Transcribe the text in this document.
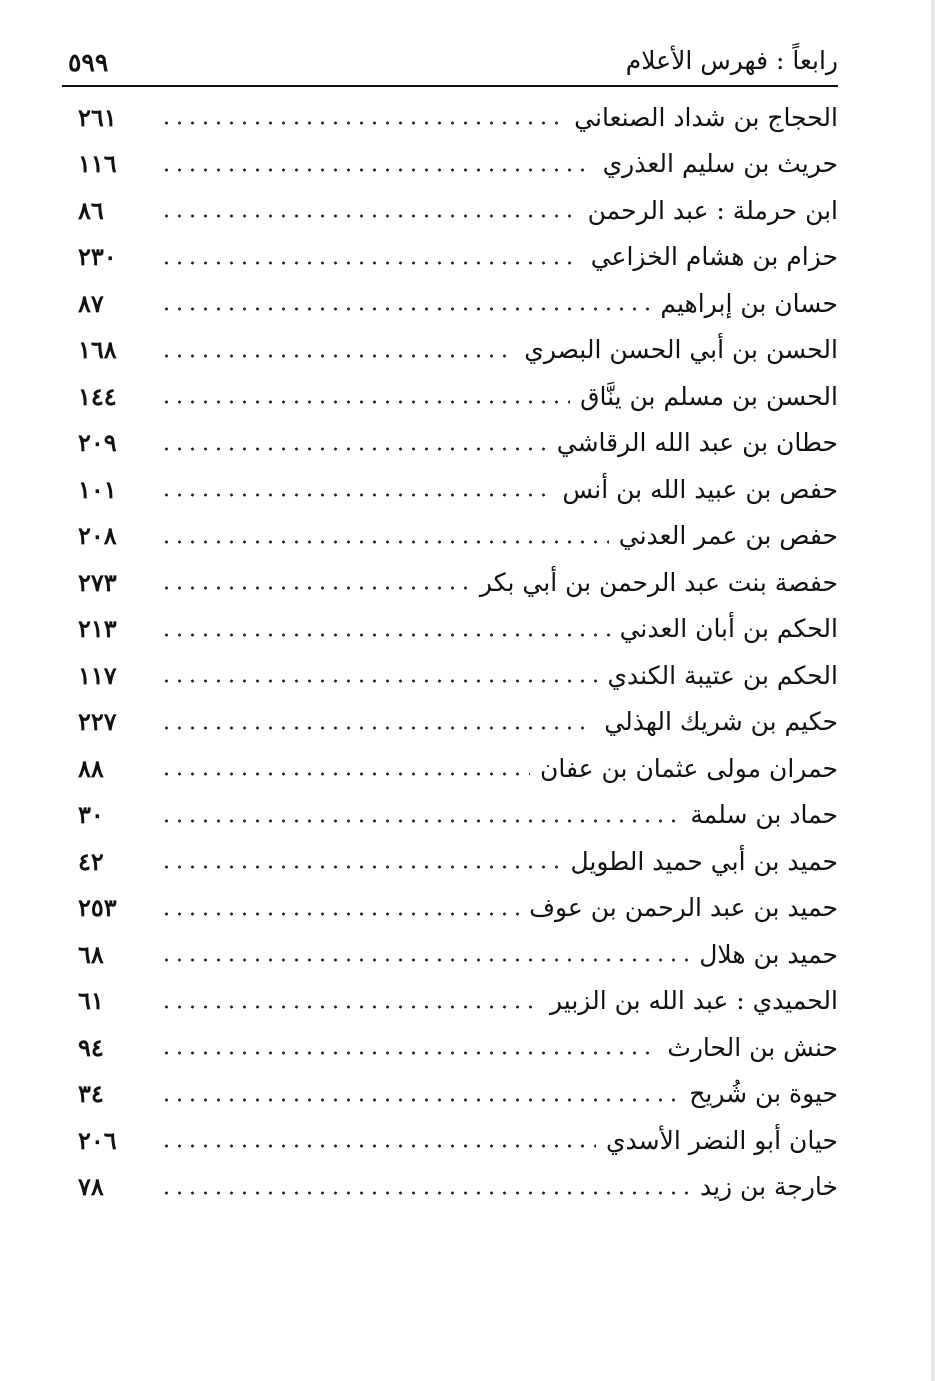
٥٩٩	رابعاً : فهرس الأعلام
الحجاج بن شداد الصنعاني
٢٦١
حريث بن سليم العذري
١١٦
ابن حرملة : عبد الرحمن
٨٦
حزام بن هشام الخزاعي
٢٣٠
حسان بن إبراهيم
٨٧
الحسن بن أبي الحسن البصري
١٦٨
الحسن بن مسلم بن ينَّاق
١٤٤
حطان بن عبد الله الرقاشي
٢٠٩
حفص بن عبيد الله بن أنس
١٠١
حفص بن عمر العدني
٢٠٨
حفصة بنت عبد الرحمن بن أبي بكر
٢٧٣
الحكم بن أبان العدني
٢١٣
الحكم بن عتيبة الكندي
١١٧
حكيم بن شريك الهذلي
٢٢٧
حمران مولى عثمان بن عفان
٨٨
حماد بن سلمة
٣٠
حميد بن أبي حميد الطويل
٤٢
حميد بن عبد الرحمن بن عوف
٢٥٣
حميد بن هلال
٦٨
الحميدي : عبد الله بن الزبير
٦١
حنش بن الحارث
٩٤
حيوة بن شُريح
٣٤
حيان أبو النضر الأسدي
٢٠٦
خارجة بن زيد
٧٨
